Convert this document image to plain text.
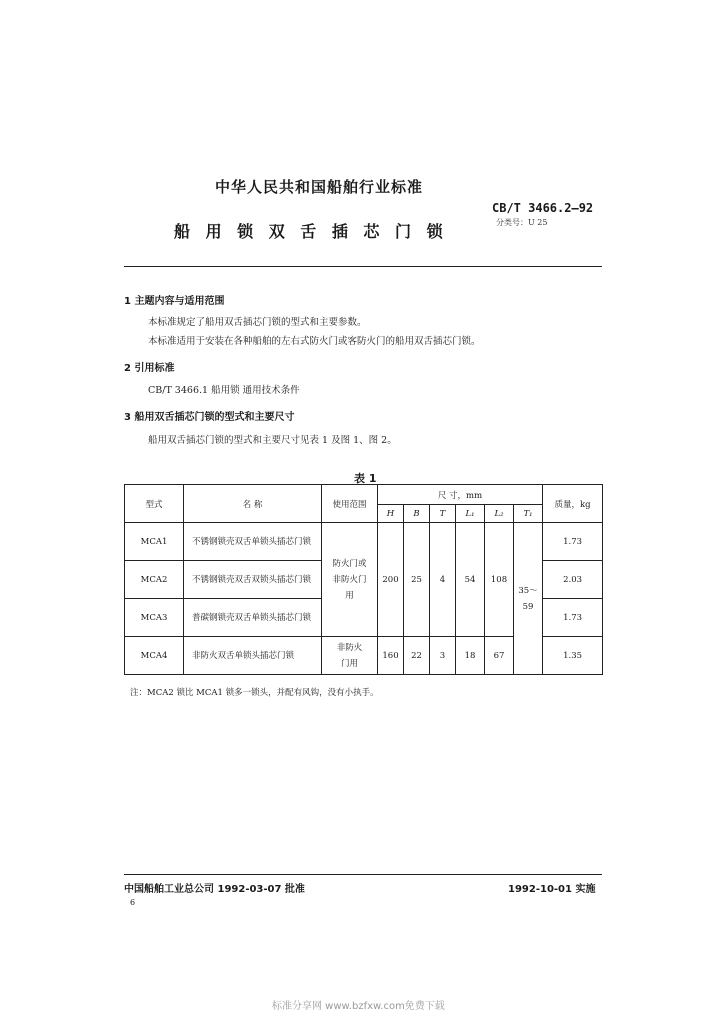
中华人民共和国船舶行业标准
船 用 锁 双 舌 插 芯 门 锁
CB/T 3466.2—92
分类号：U 25
1 主题内容与适用范围
本标准规定了船用双舌插芯门锁的型式和主要参数。
本标准适用于安装在各种船舶的左右式防火门或客防火门的船用双舌插芯门锁。
2 引用标准
CB/T 3466.1 船用锁 通用技术条件
3 船用双舌插芯门锁的型式和主要尺寸
船用双舌插芯门锁的型式和主要尺寸见表 1 及图 1、图 2。
表 1
型式	名 称	使用范围	尺 寸，mm						质量，kg
			H	B	T	L₁	L₂	T₁	
MCA1	不锈钢锁壳双舌单锁头插芯门锁	防火门或非防火门用	200	25	4	54	108	35～59	1.73
MCA2	不锈钢锁壳双舌双锁头插芯门锁								2.03
MCA3	普碳钢锁壳双舌单锁头插芯门锁								1.73
MCA4	非防火双舌单锁头插芯门锁	非防火门用	160	22	3	18	67		1.35
注：MCA2 锁比 MCA1 锁多一锁头，并配有风钩，没有小执手。
中国船舶工业总公司 1992-03-07 批准	1992-10-01 实施
6
标准分享网 www.bzfxw.com免费下载
